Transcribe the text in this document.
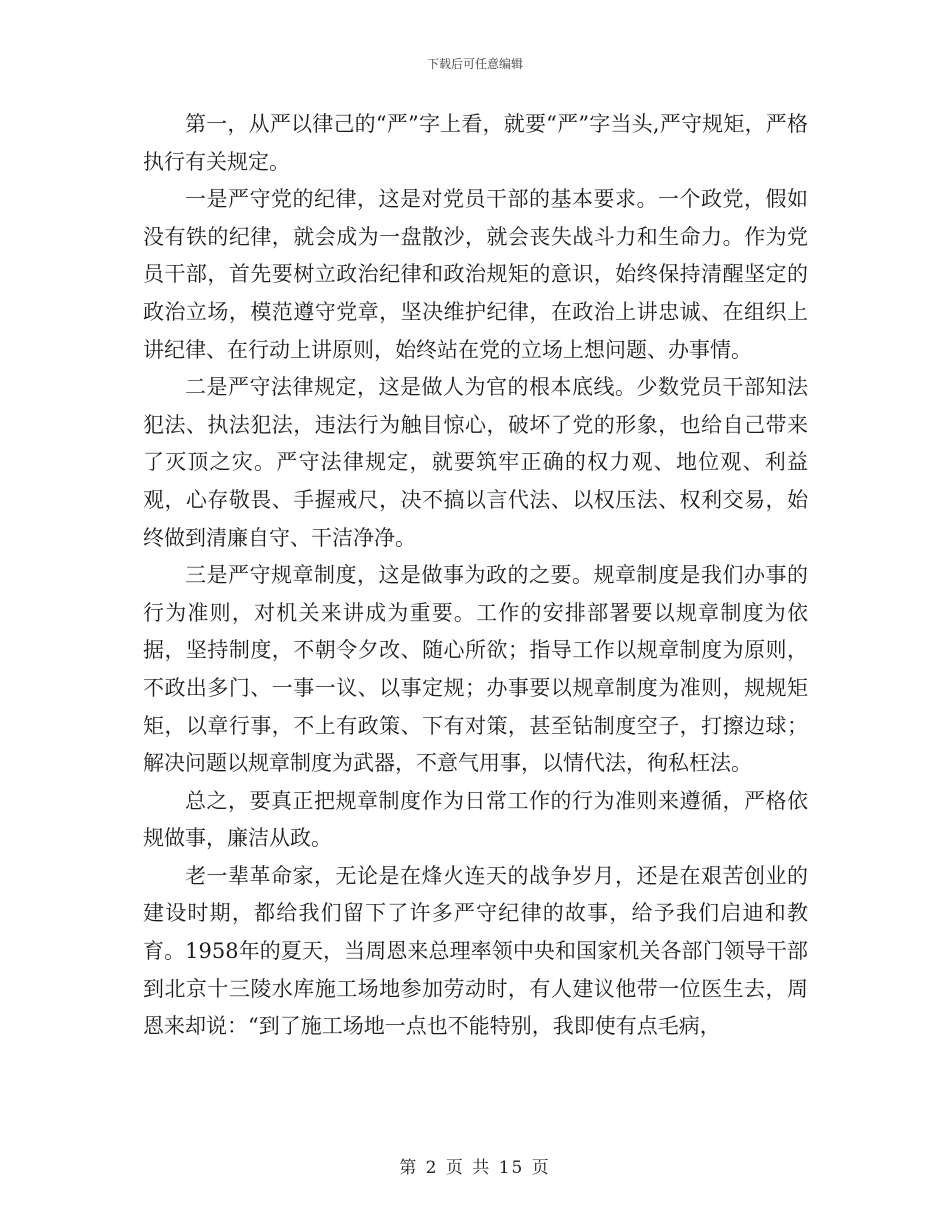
下载后可任意编辑

第一，从严以律己的“严”字上看，就要“严”字当头,严守规矩，严格执行有关规定。

一是严守党的纪律，这是对党员干部的基本要求。一个政党，假如没有铁的纪律，就会成为一盘散沙，就会丧失战斗力和生命力。作为党员干部，首先要树立政治纪律和政治规矩的意识，始终保持清醒坚定的政治立场，模范遵守党章，坚决维护纪律，在政治上讲忠诚、在组织上讲纪律、在行动上讲原则，始终站在党的立场上想问题、办事情。

二是严守法律规定，这是做人为官的根本底线。少数党员干部知法犯法、执法犯法，违法行为触目惊心，破坏了党的形象，也给自己带来了灭顶之灾。严守法律规定，就要筑牢正确的权力观、地位观、利益观，心存敬畏、手握戒尺，决不搞以言代法、以权压法、权利交易，始终做到清廉自守、干洁净净。

三是严守规章制度，这是做事为政的之要。规章制度是我们办事的行为准则，对机关来讲成为重要。工作的安排部署要以规章制度为依据，坚持制度，不朝令夕改、随心所欲；指导工作以规章制度为原则，不政出多门、一事一议、以事定规；办事要以规章制度为准则，规规矩矩，以章行事，不上有政策、下有对策，甚至钻制度空子，打擦边球；解决问题以规章制度为武器，不意气用事，以情代法，徇私枉法。

总之，要真正把规章制度作为日常工作的行为准则来遵循，严格依规做事，廉洁从政。

老一辈革命家，无论是在烽火连天的战争岁月，还是在艰苦创业的建设时期，都给我们留下了许多严守纪律的故事，给予我们启迪和教育。1958年的夏天，当周恩来总理率领中央和国家机关各部门领导干部到北京十三陵水库施工场地参加劳动时，有人建议他带一位医生去，周恩来却说：“到了施工场地一点也不能特别，我即使有点毛病，

第 2 页 共 15 页
